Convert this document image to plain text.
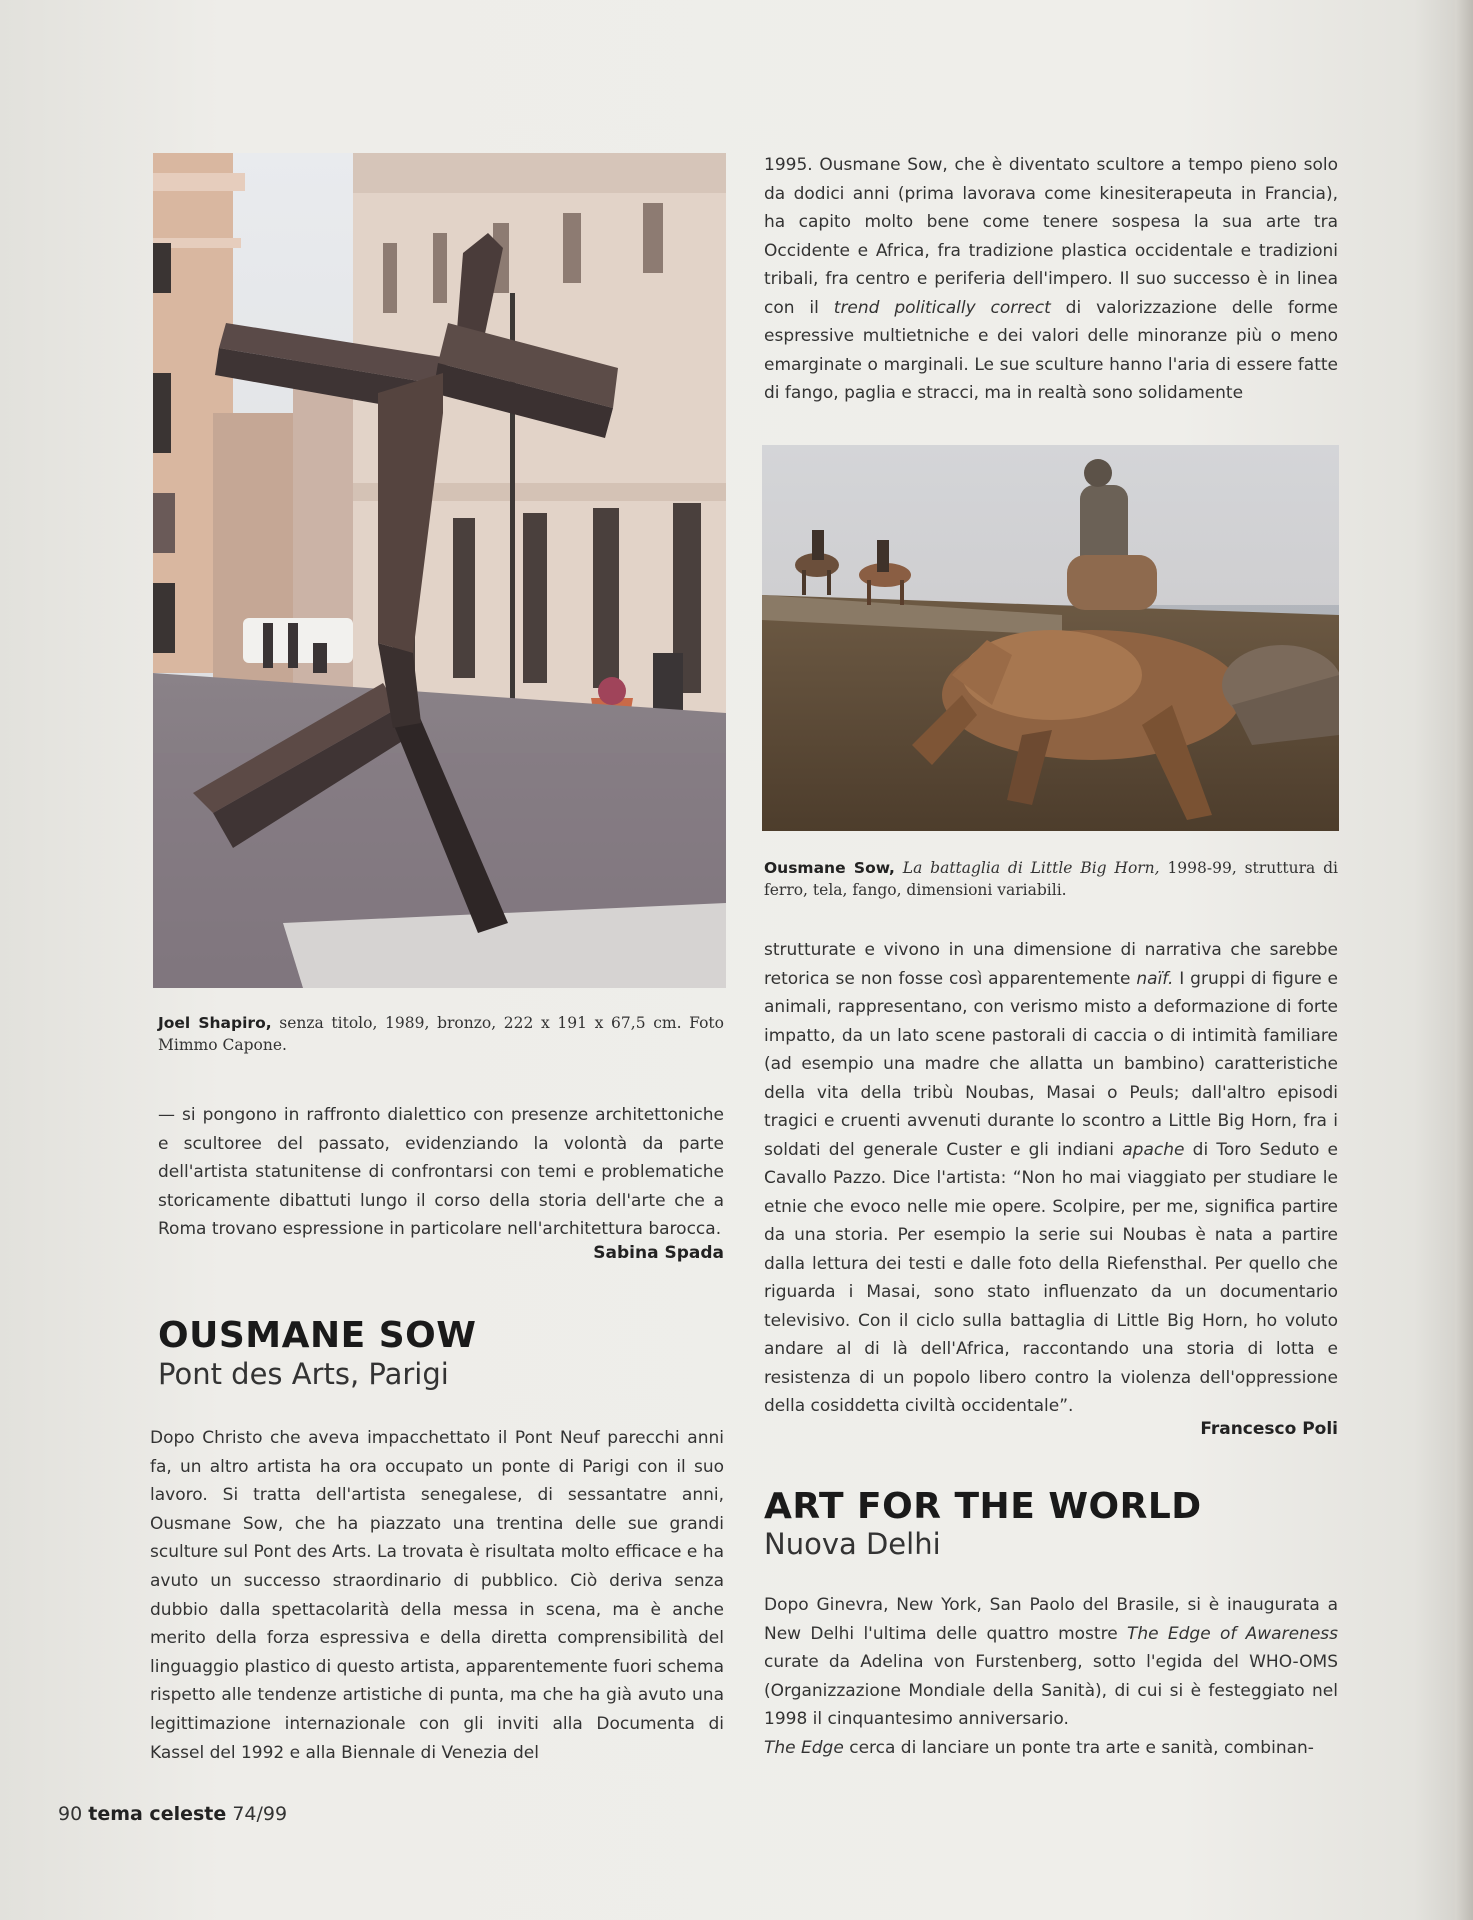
Joel Shapiro, senza titolo, 1989, bronzo, 222 x 191 x 67,5 cm. Foto Mimmo Capone.
— si pongono in raffronto dialettico con presenze architettoniche e scultoree del passato, evidenziando la volontà da parte dell'artista statunitense di confrontarsi con temi e problematiche storicamente dibattuti lungo il corso della storia dell'arte che a Roma trovano espressione in particolare nell'architettura barocca.
Sabina Spada
OUSMANE SOW
Pont des Arts, Parigi
Dopo Christo che aveva impacchettato il Pont Neuf parecchi anni fa, un altro artista ha ora occupato un ponte di Parigi con il suo lavoro. Si tratta dell'artista senegalese, di sessantatre anni, Ousmane Sow, che ha piazzato una trentina delle sue grandi sculture sul Pont des Arts. La trovata è risultata molto efficace e ha avuto un successo straordinario di pubblico. Ciò deriva senza dubbio dalla spettacolarità della messa in scena, ma è anche merito della forza espressiva e della diretta comprensibilità del linguaggio plastico di questo artista, apparentemente fuori schema rispetto alle tendenze artistiche di punta, ma che ha già avuto una legittimazione internazionale con gli inviti alla Documenta di Kassel del 1992 e alla Biennale di Venezia del
1995. Ousmane Sow, che è diventato scultore a tempo pieno solo da dodici anni (prima lavorava come kinesiterapeuta in Francia), ha capito molto bene come tenere sospesa la sua arte tra Occidente e Africa, fra tradizione plastica occidentale e tradizioni tribali, fra centro e periferia dell'impero. Il suo successo è in linea con il trend politically correct di valorizzazione delle forme espressive multietniche e dei valori delle minoranze più o meno emarginate o marginali. Le sue sculture hanno l'aria di essere fatte di fango, paglia e stracci, ma in realtà sono solidamente
Ousmane Sow, La battaglia di Little Big Horn, 1998-99, struttura di ferro, tela, fango, dimensioni variabili.
strutturate e vivono in una dimensione di narrativa che sarebbe retorica se non fosse così apparentemente naïf. I gruppi di figure e animali, rappresentano, con verismo misto a deformazione di forte impatto, da un lato scene pastorali di caccia o di intimità familiare (ad esempio una madre che allatta un bambino) caratteristiche della vita della tribù Noubas, Masai o Peuls; dall'altro episodi tragici e cruenti avvenuti durante lo scontro a Little Big Horn, fra i soldati del generale Custer e gli indiani apache di Toro Seduto e Cavallo Pazzo. Dice l'artista: “Non ho mai viaggiato per studiare le etnie che evoco nelle mie opere. Scolpire, per me, significa partire da una storia. Per esempio la serie sui Noubas è nata a partire dalla lettura dei testi e dalle foto della Riefensthal. Per quello che riguarda i Masai, sono stato influenzato da un documentario televisivo. Con il ciclo sulla battaglia di Little Big Horn, ho voluto andare al di là dell'Africa, raccontando una storia di lotta e resistenza di un popolo libero contro la violenza dell'oppressione della cosiddetta civiltà occidentale”.
Francesco Poli
ART FOR THE WORLD
Nuova Delhi
Dopo Ginevra, New York, San Paolo del Brasile, si è inaugurata a New Delhi l'ultima delle quattro mostre The Edge of Awareness curate da Adelina von Furstenberg, sotto l'egida del WHO-OMS (Organizzazione Mondiale della Sanità), di cui si è festeggiato nel 1998 il cinquantesimo anniversario.
The Edge cerca di lanciare un ponte tra arte e sanità, combinan-
90 tema celeste 74/99
